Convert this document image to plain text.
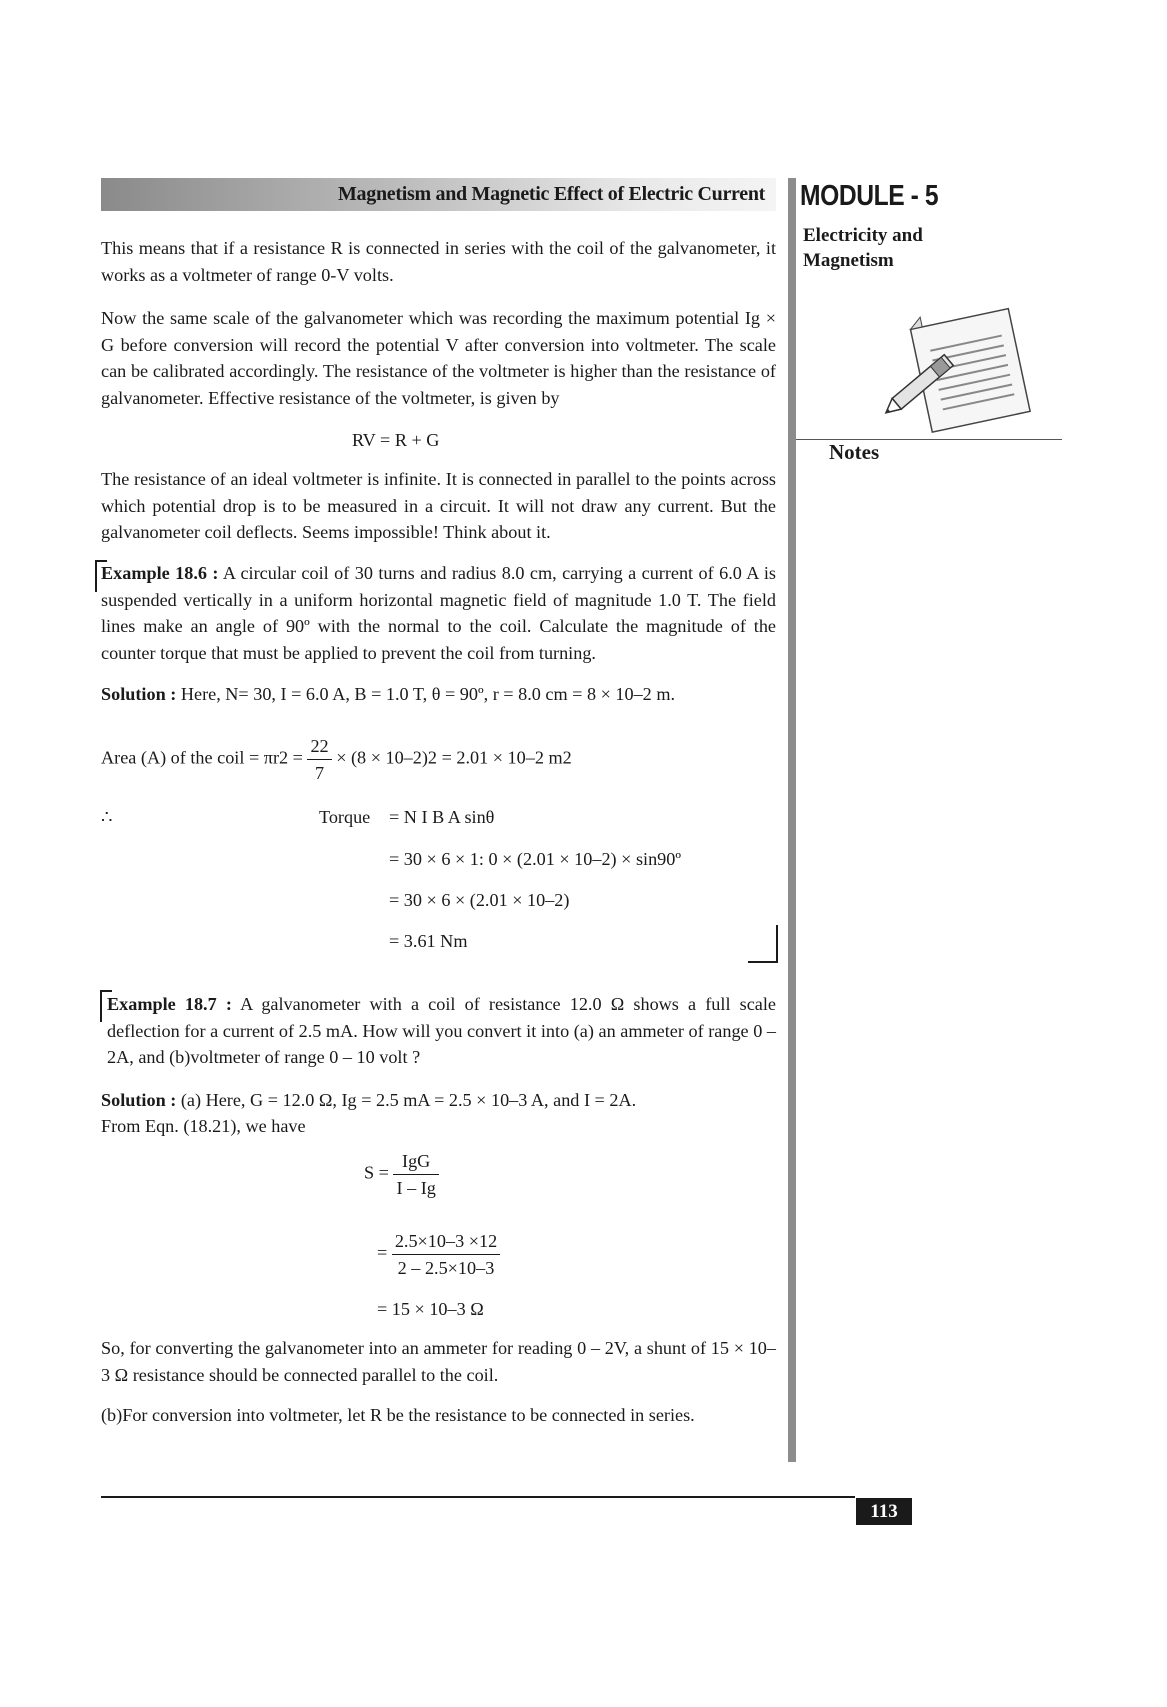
Magnetism and Magnetic Effect of Electric Current MODULE - 5
Electricity and
Magnetism
Notes
This means that if a resistance R is connected in series with the coil of the galvanometer, it works as a voltmeter of range 0-V volts.
Now the same scale of the galvanometer which was recording the maximum potential Ig × G before conversion will record the potential V after conversion into voltmeter. The scale can be calibrated accordingly. The resistance of the voltmeter is higher than the resistance of galvanometer. Effective resistance of the voltmeter, is given by
RV = R + G
The resistance of an ideal voltmeter is infinite. It is connected in parallel to the points across which potential drop is to be measured in a circuit. It will not draw any current. But the galvanometer coil deflects. Seems impossible! Think about it.
Example 18.6 : A circular coil of 30 turns and radius 8.0 cm, carrying a current of 6.0 A is suspended vertically in a uniform horizontal magnetic field of magnitude 1.0 T. The field lines make an angle of 90º with the normal to the coil. Calculate the magnitude of the counter torque that must be applied to prevent the coil from turning.
Solution : Here, N= 30, I = 6.0 A, B = 1.0 T, θ = 90º, r = 8.0 cm = 8 × 10–2 m.
Area (A) of the coil = $\pi r2 = \frac{22}{7} \times (8 \times 10-2)2 = 2.01 \times 10-2$ m2
∴	Torque = N I B A sinθ
= 30 × 6 × 1: 0 × (2.01 × 10–2) × sin90º
= 30 × 6 × (2.01 × 10–2)
= 3.61 Nm
Example 18.7 : A galvanometer with a coil of resistance 12.0 Ω shows a full scale deflection for a current of 2.5 mA. How will you convert it into (a) an ammeter of range 0 – 2A, and (b)voltmeter of range 0 – 10 volt ?
Solution : (a) Here, G = 12.0 Ω, Ig = 2.5 mA = 2.5 × 10–3 A, and I = 2A.
From Eqn. (18.21), we have
$S = \frac{\text{IgG}}{I - Ig}$
= $\frac{2.5\times 10-3 \times 12}{2 - 2.5\times 10-3}$
= 15 × 10–3 Ω
So, for converting the galvanometer into an ammeter for reading 0 – 2V, a shunt of 15 × 10–3 Ω resistance should be connected parallel to the coil.
(b)For conversion into voltmeter, let R be the resistance to be connected in series.
113
